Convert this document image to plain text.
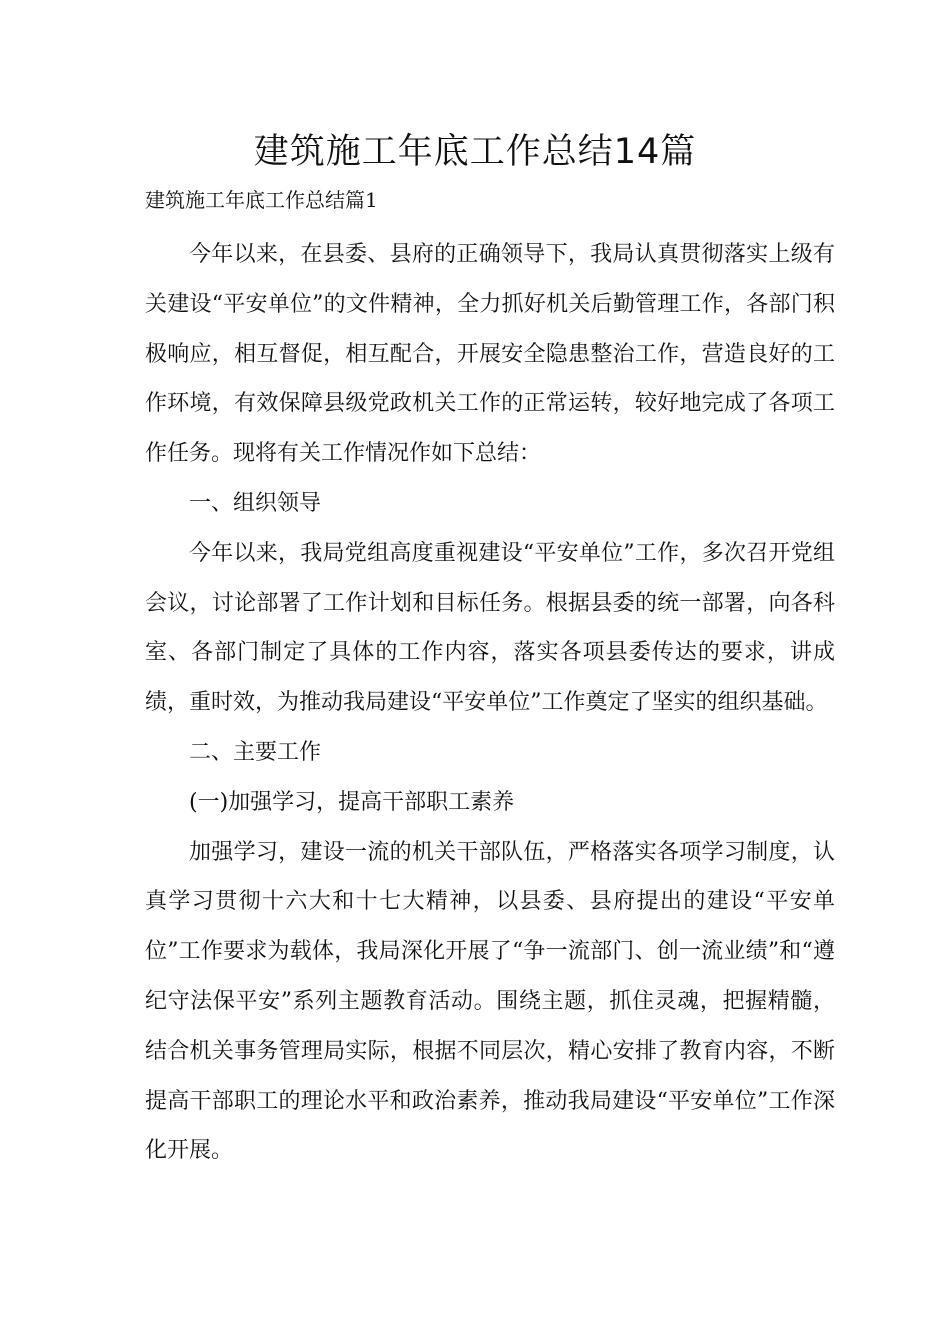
建筑施工年底工作总结14篇
建筑施工年底工作总结篇1

今年以来，在县委、县府的正确领导下，我局认真贯彻落实上级有关建设“平安单位”的文件精神，全力抓好机关后勤管理工作，各部门积极响应，相互督促，相互配合，开展安全隐患整治工作，营造良好的工作环境，有效保障县级党政机关工作的正常运转，较好地完成了各项工作任务。现将有关工作情况作如下总结：

一、组织领导

今年以来，我局党组高度重视建设“平安单位”工作，多次召开党组会议，讨论部署了工作计划和目标任务。根据县委的统一部署，向各科室、各部门制定了具体的工作内容，落实各项县委传达的要求，讲成绩，重时效，为推动我局建设“平安单位”工作奠定了坚实的组织基础。

二、主要工作

(一)加强学习，提高干部职工素养

加强学习，建设一流的机关干部队伍，严格落实各项学习制度，认真学习贯彻十六大和十七大精神，以县委、县府提出的建设“平安单位”工作要求为载体，我局深化开展了“争一流部门、创一流业绩”和“遵纪守法保平安”系列主题教育活动。围绕主题，抓住灵魂，把握精髓，结合机关事务管理局实际，根据不同层次，精心安排了教育内容，不断提高干部职工的理论水平和政治素养，推动我局建设“平安单位”工作深化开展。
